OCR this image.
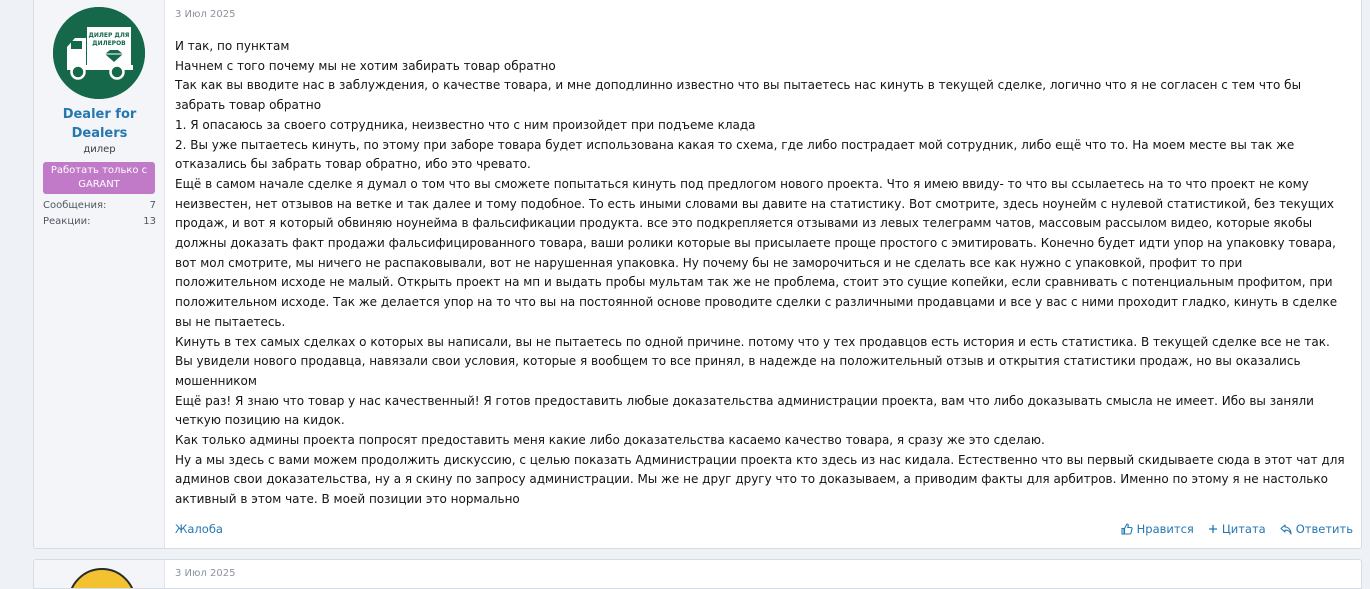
ДИЛЕР ДЛЯ
ДИЛЕРОВ
Dealer for
Dealers
дилер
Работать только с
GARANT
Сообщения:	7
Реакции:	13
3 Июл 2025
И так, по пунктам
Начнем с того почему мы не хотим забирать товар обратно
Так как вы вводите нас в заблуждения, о качестве товара, и мне доподлинно известно что вы пытаетесь нас кинуть в текущей сделке, логично что я не согласен с тем что бы забрать товар обратно
1. Я опасаюсь за своего сотрудника, неизвестно что с ним произойдет при подъеме клада
2. Вы уже пытаетесь кинуть, по этому при заборе товара будет использована какая то схема, где либо пострадает мой сотрудник, либо ещё что то. На моем месте вы так же отказались бы забрать товар обратно, ибо это чревато.
Ещё в самом начале сделке я думал о том что вы сможете попытаться кинуть под предлогом нового проекта. Что я имею ввиду- то что вы ссылаетесь на то что проект не кому неизвестен, нет отзывов на ветке и так далее и тому подобное. То есть иными словами вы давите на статистику. Вот смотрите, здесь ноунейм с нулевой статистикой, без текущих продаж, и вот я который обвиняю ноунейма в фальсификации продукта. все это подкрепляется отзывами из левых телеграмм чатов, массовым рассылом видео, которые якобы должны доказать факт продажи фальсифицированного товара, ваши ролики которые вы присылаете проще простого с эмитировать. Конечно будет идти упор на упаковку товара, вот мол смотрите, мы ничего не распаковывали, вот не нарушенная упаковка. Ну почему бы не заморочиться и не сделать все как нужно с упаковкой, профит то при положительном исходе не малый. Открыть проект на мп и выдать пробы мультам так же не проблема, стоит это сущие копейки, если сравнивать с потенциальным профитом, при положительном исходе. Так же делается упор на то что вы на постоянной основе проводите сделки с различными продавцами и все у вас с ними проходит гладко, кинуть в сделке вы не пытаетесь.
Кинуть в тех самых сделках о которых вы написали, вы не пытаетесь по одной причине. потому что у тех продавцов есть история и есть статистика. В текущей сделке все не так. Вы увидели нового продавца, навязали свои условия, которые я вообщем то все принял, в надежде на положительный отзыв и открытия статистики продаж, но вы оказались мошенником
Ещё раз! Я знаю что товар у нас качественный! Я готов предоставить любые доказательства администрации проекта, вам что либо доказывать смысла не имеет. Ибо вы заняли четкую позицию на кидок.
Как только админы проекта попросят предоставить меня какие либо доказательства касаемо качество товара, я сразу же это сделаю.
Ну а мы здесь с вами можем продолжить дискуссию, с целью показать Администрации проекта кто здесь из нас кидала. Естественно что вы первый скидываете сюда в этот чат для админов свои доказательства, ну а я скину по запросу администрации. Мы же не друг другу что то доказываем, а приводим факты для арбитров. Именно по этому я не настолько активный в этом чате. В моей позиции это нормально
Жалоба	Нравится Цитата	Ответить
3 Июл 2025
